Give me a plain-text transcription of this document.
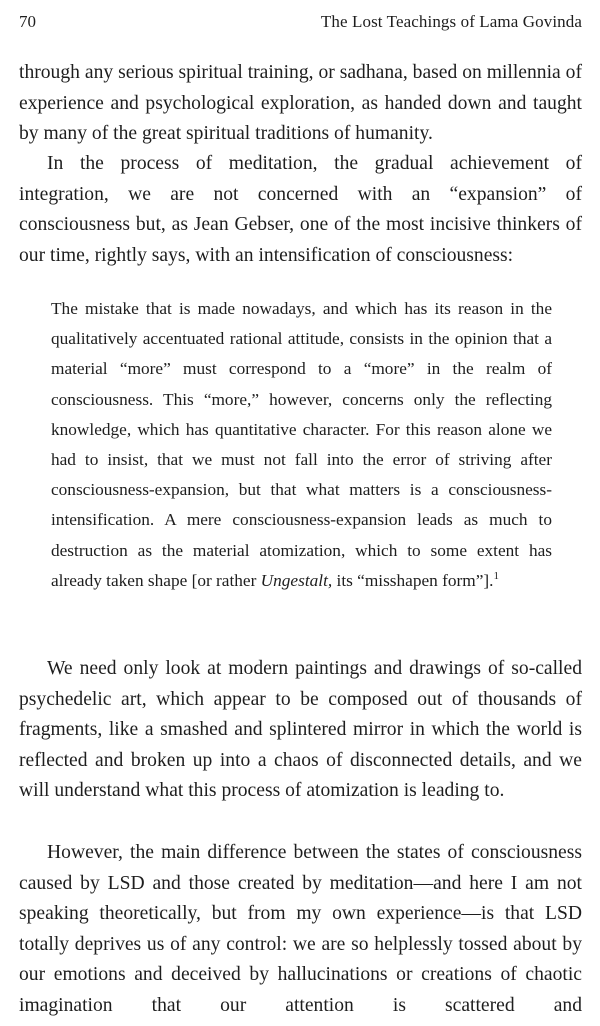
70	The Lost Teachings of Lama Govinda

through any serious spiritual training, or sadhana, based on millennia of experience and psychological exploration, as handed down and taught by many of the great spiritual traditions of humanity.

In the process of meditation, the gradual achievement of integration, we are not concerned with an “expansion” of consciousness but, as Jean Gebser, one of the most incisive thinkers of our time, rightly says, with an intensification of consciousness:

The mistake that is made nowadays, and which has its reason in the qualitatively accentuated rational attitude, consists in the opinion that a material “more” must correspond to a “more” in the realm of consciousness. This “more,” however, concerns only the reflecting knowledge, which has quantitative character. For this reason alone we had to insist, that we must not fall into the error of striving after consciousness-expansion, but that what matters is a consciousness-intensification. A mere consciousness-expansion leads as much to destruction as the material atomization, which to some extent has already taken shape [or rather Ungestalt, its “misshapen form”].$^1$

We need only look at modern paintings and drawings of so-called psychedelic art, which appear to be composed out of thousands of fragments, like a smashed and splintered mirror in which the world is reflected and broken up into a chaos of disconnected details, and we will understand what this process of atomization is leading to.

However, the main difference between the states of consciousness caused by LSD and those created by meditation—and here I am not speaking theoretically, but from my own experience—is that LSD totally deprives us of any control: we are so helplessly tossed about by our emotions and deceived by hallucinations or creations of chaotic imagination that our attention is scattered and
